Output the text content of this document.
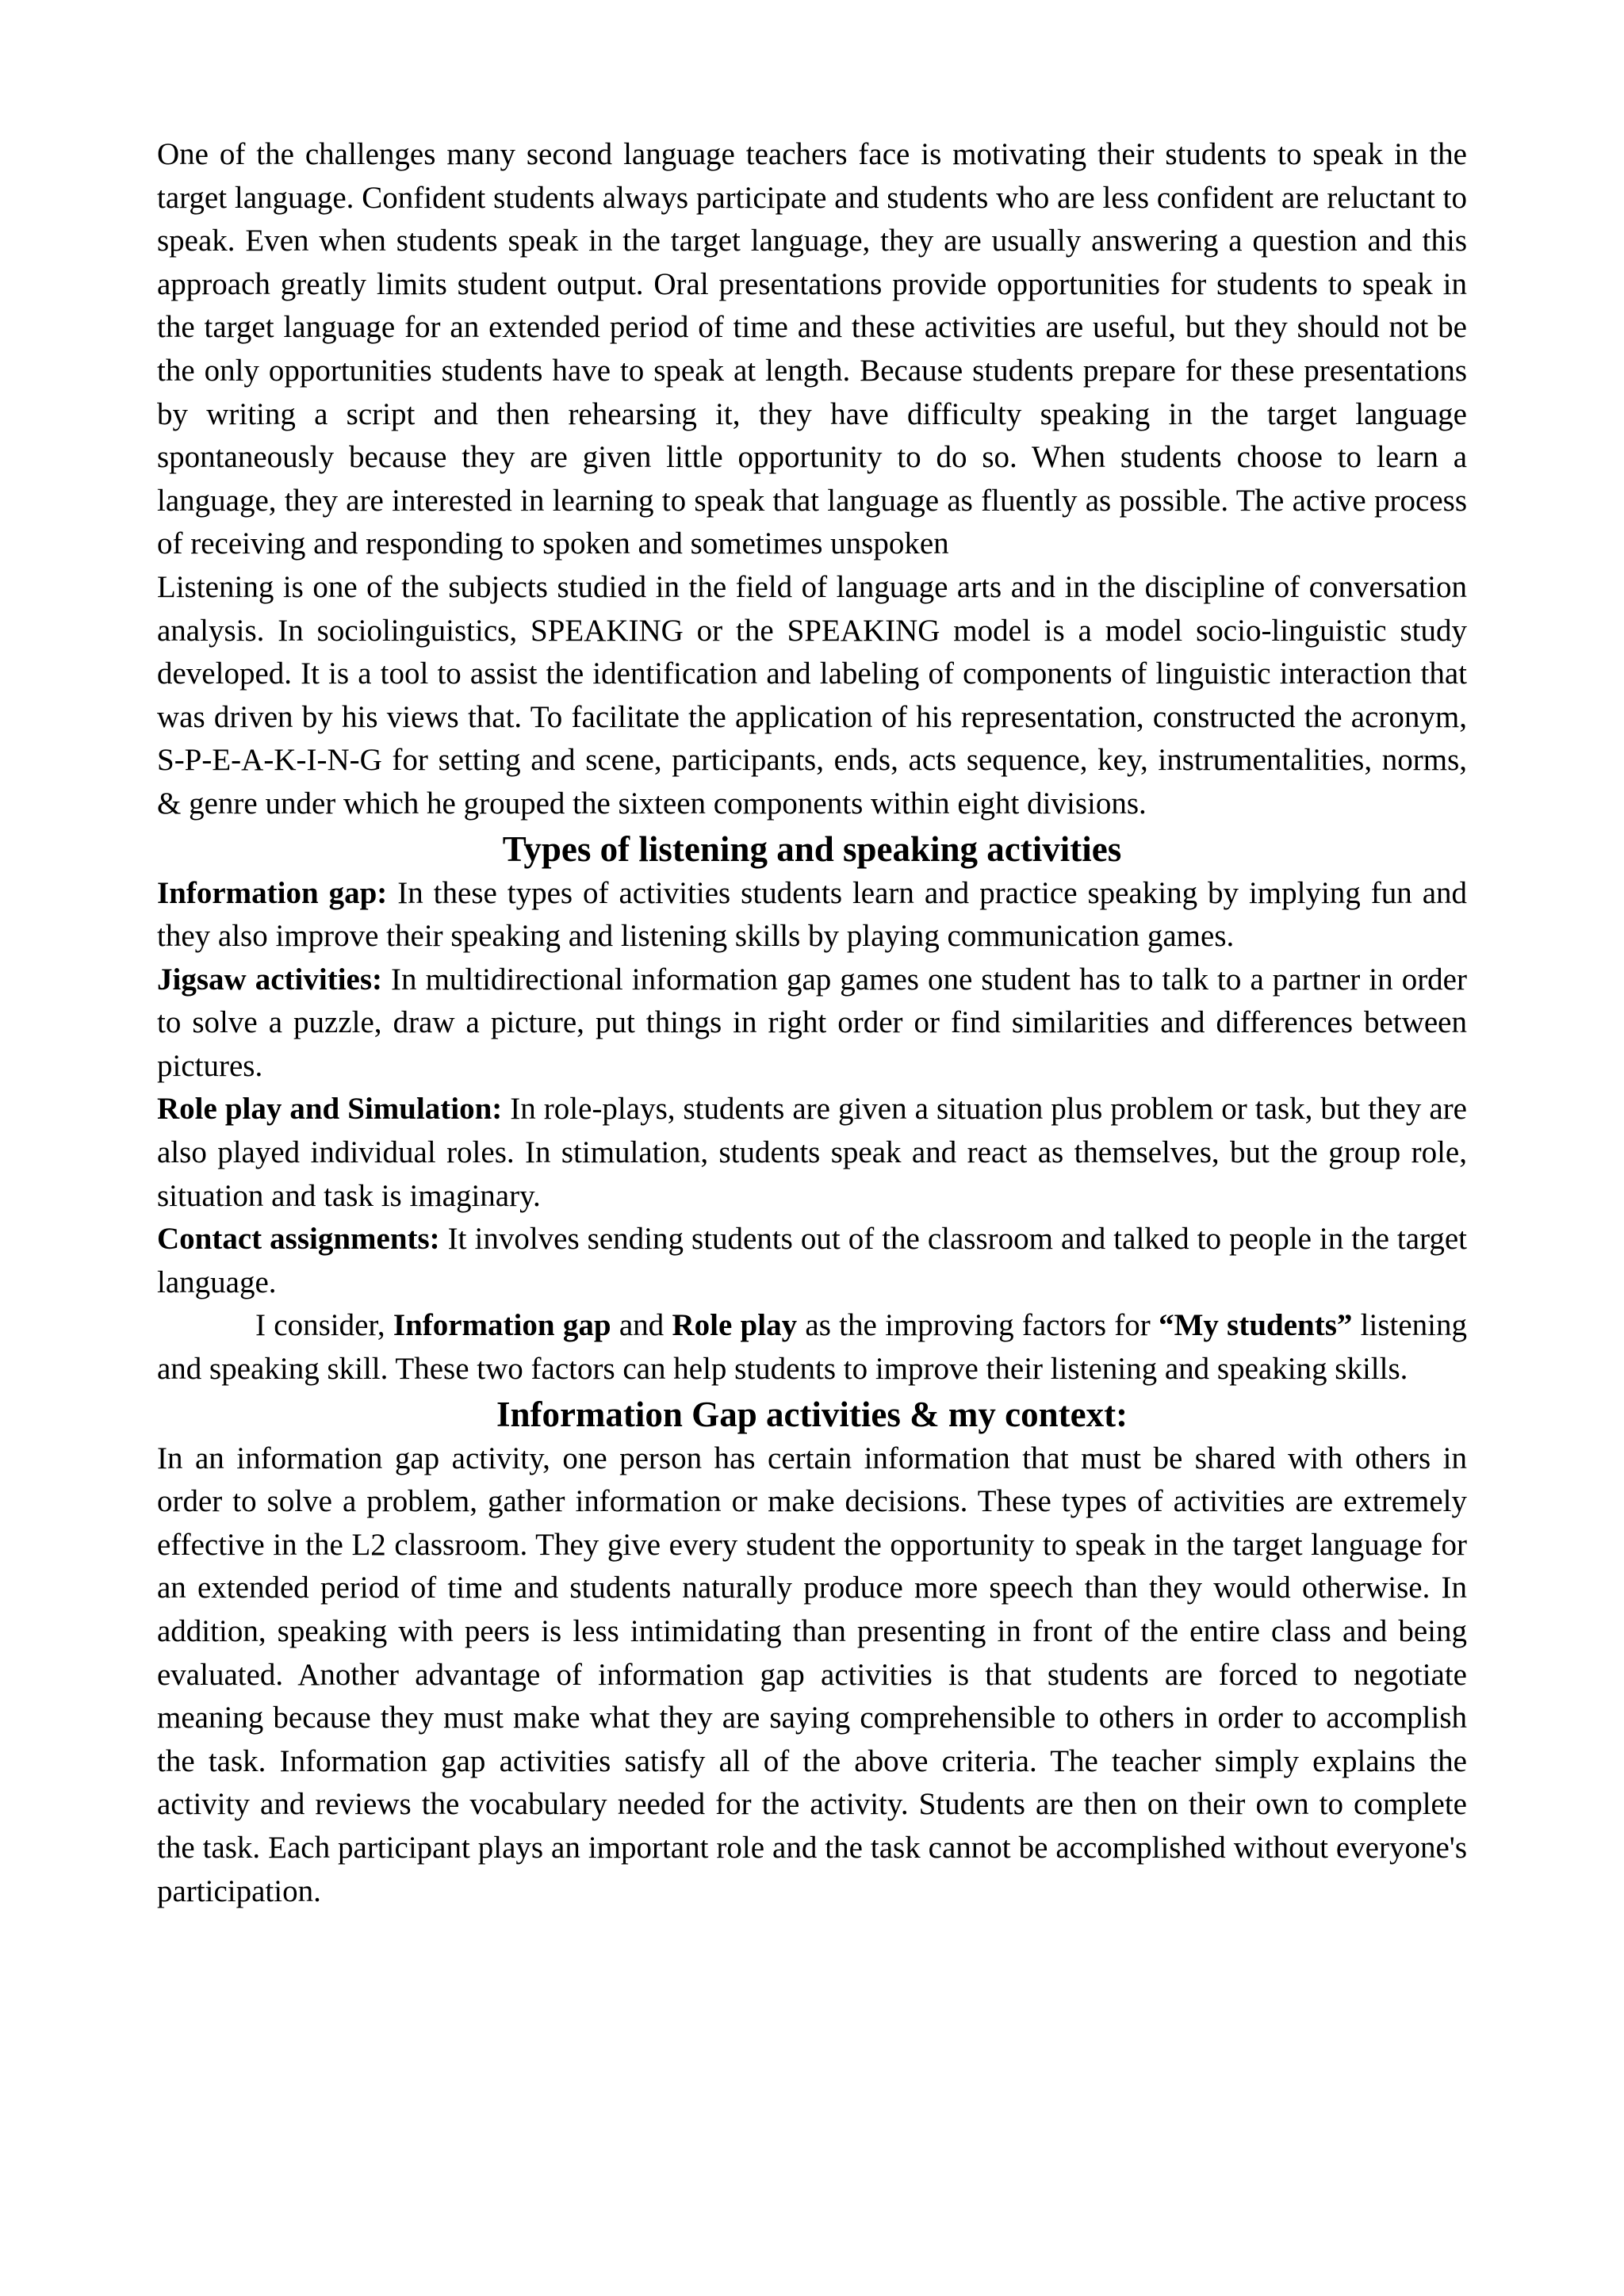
One of the challenges many second language teachers face is motivating their students to speak in the target language. Confident students always participate and students who are less confident are reluctant to speak. Even when students speak in the target language, they are usually answering a question and this approach greatly limits student output. Oral presentations provide opportunities for students to speak in the target language for an extended period of time and these activities are useful, but they should not be the only opportunities students have to speak at length. Because students prepare for these presentations by writing a script and then rehearsing it, they have difficulty speaking in the target language spontaneously because they are given little opportunity to do so. When students choose to learn a language, they are interested in learning to speak that language as fluently as possible. The active process of receiving and responding to spoken and sometimes unspoken

Listening is one of the subjects studied in the field of language arts and in the discipline of conversation analysis. In sociolinguistics, SPEAKING or the SPEAKING model is a model socio-linguistic study developed. It is a tool to assist the identification and labeling of components of linguistic interaction that was driven by his views that. To facilitate the application of his representation, constructed the acronym, S-P-E-A-K-I-N-G for setting and scene, participants, ends, acts sequence, key, instrumentalities, norms, & genre under which he grouped the sixteen components within eight divisions.

Types of listening and speaking activities

Information gap: In these types of activities students learn and practice speaking by implying fun and they also improve their speaking and listening skills by playing communication games.

Jigsaw activities: In multidirectional information gap games one student has to talk to a partner in order to solve a puzzle, draw a picture, put things in right order or find similarities and differences between pictures.

Role play and Simulation: In role-plays, students are given a situation plus problem or task, but they are also played individual roles. In stimulation, students speak and react as themselves, but the group role, situation and task is imaginary.

Contact assignments: It involves sending students out of the classroom and talked to people in the target language.

I consider, Information gap and Role play as the improving factors for “My students” listening and speaking skill. These two factors can help students to improve their listening and speaking skills.

Information Gap activities & my context:

In an information gap activity, one person has certain information that must be shared with others in order to solve a problem, gather information or make decisions. These types of activities are extremely effective in the L2 classroom. They give every student the opportunity to speak in the target language for an extended period of time and students naturally produce more speech than they would otherwise. In addition, speaking with peers is less intimidating than presenting in front of the entire class and being evaluated. Another advantage of information gap activities is that students are forced to negotiate meaning because they must make what they are saying comprehensible to others in order to accomplish the task. Information gap activities satisfy all of the above criteria. The teacher simply explains the activity and reviews the vocabulary needed for the activity. Students are then on their own to complete the task. Each participant plays an important role and the task cannot be accomplished without everyone's participation.
